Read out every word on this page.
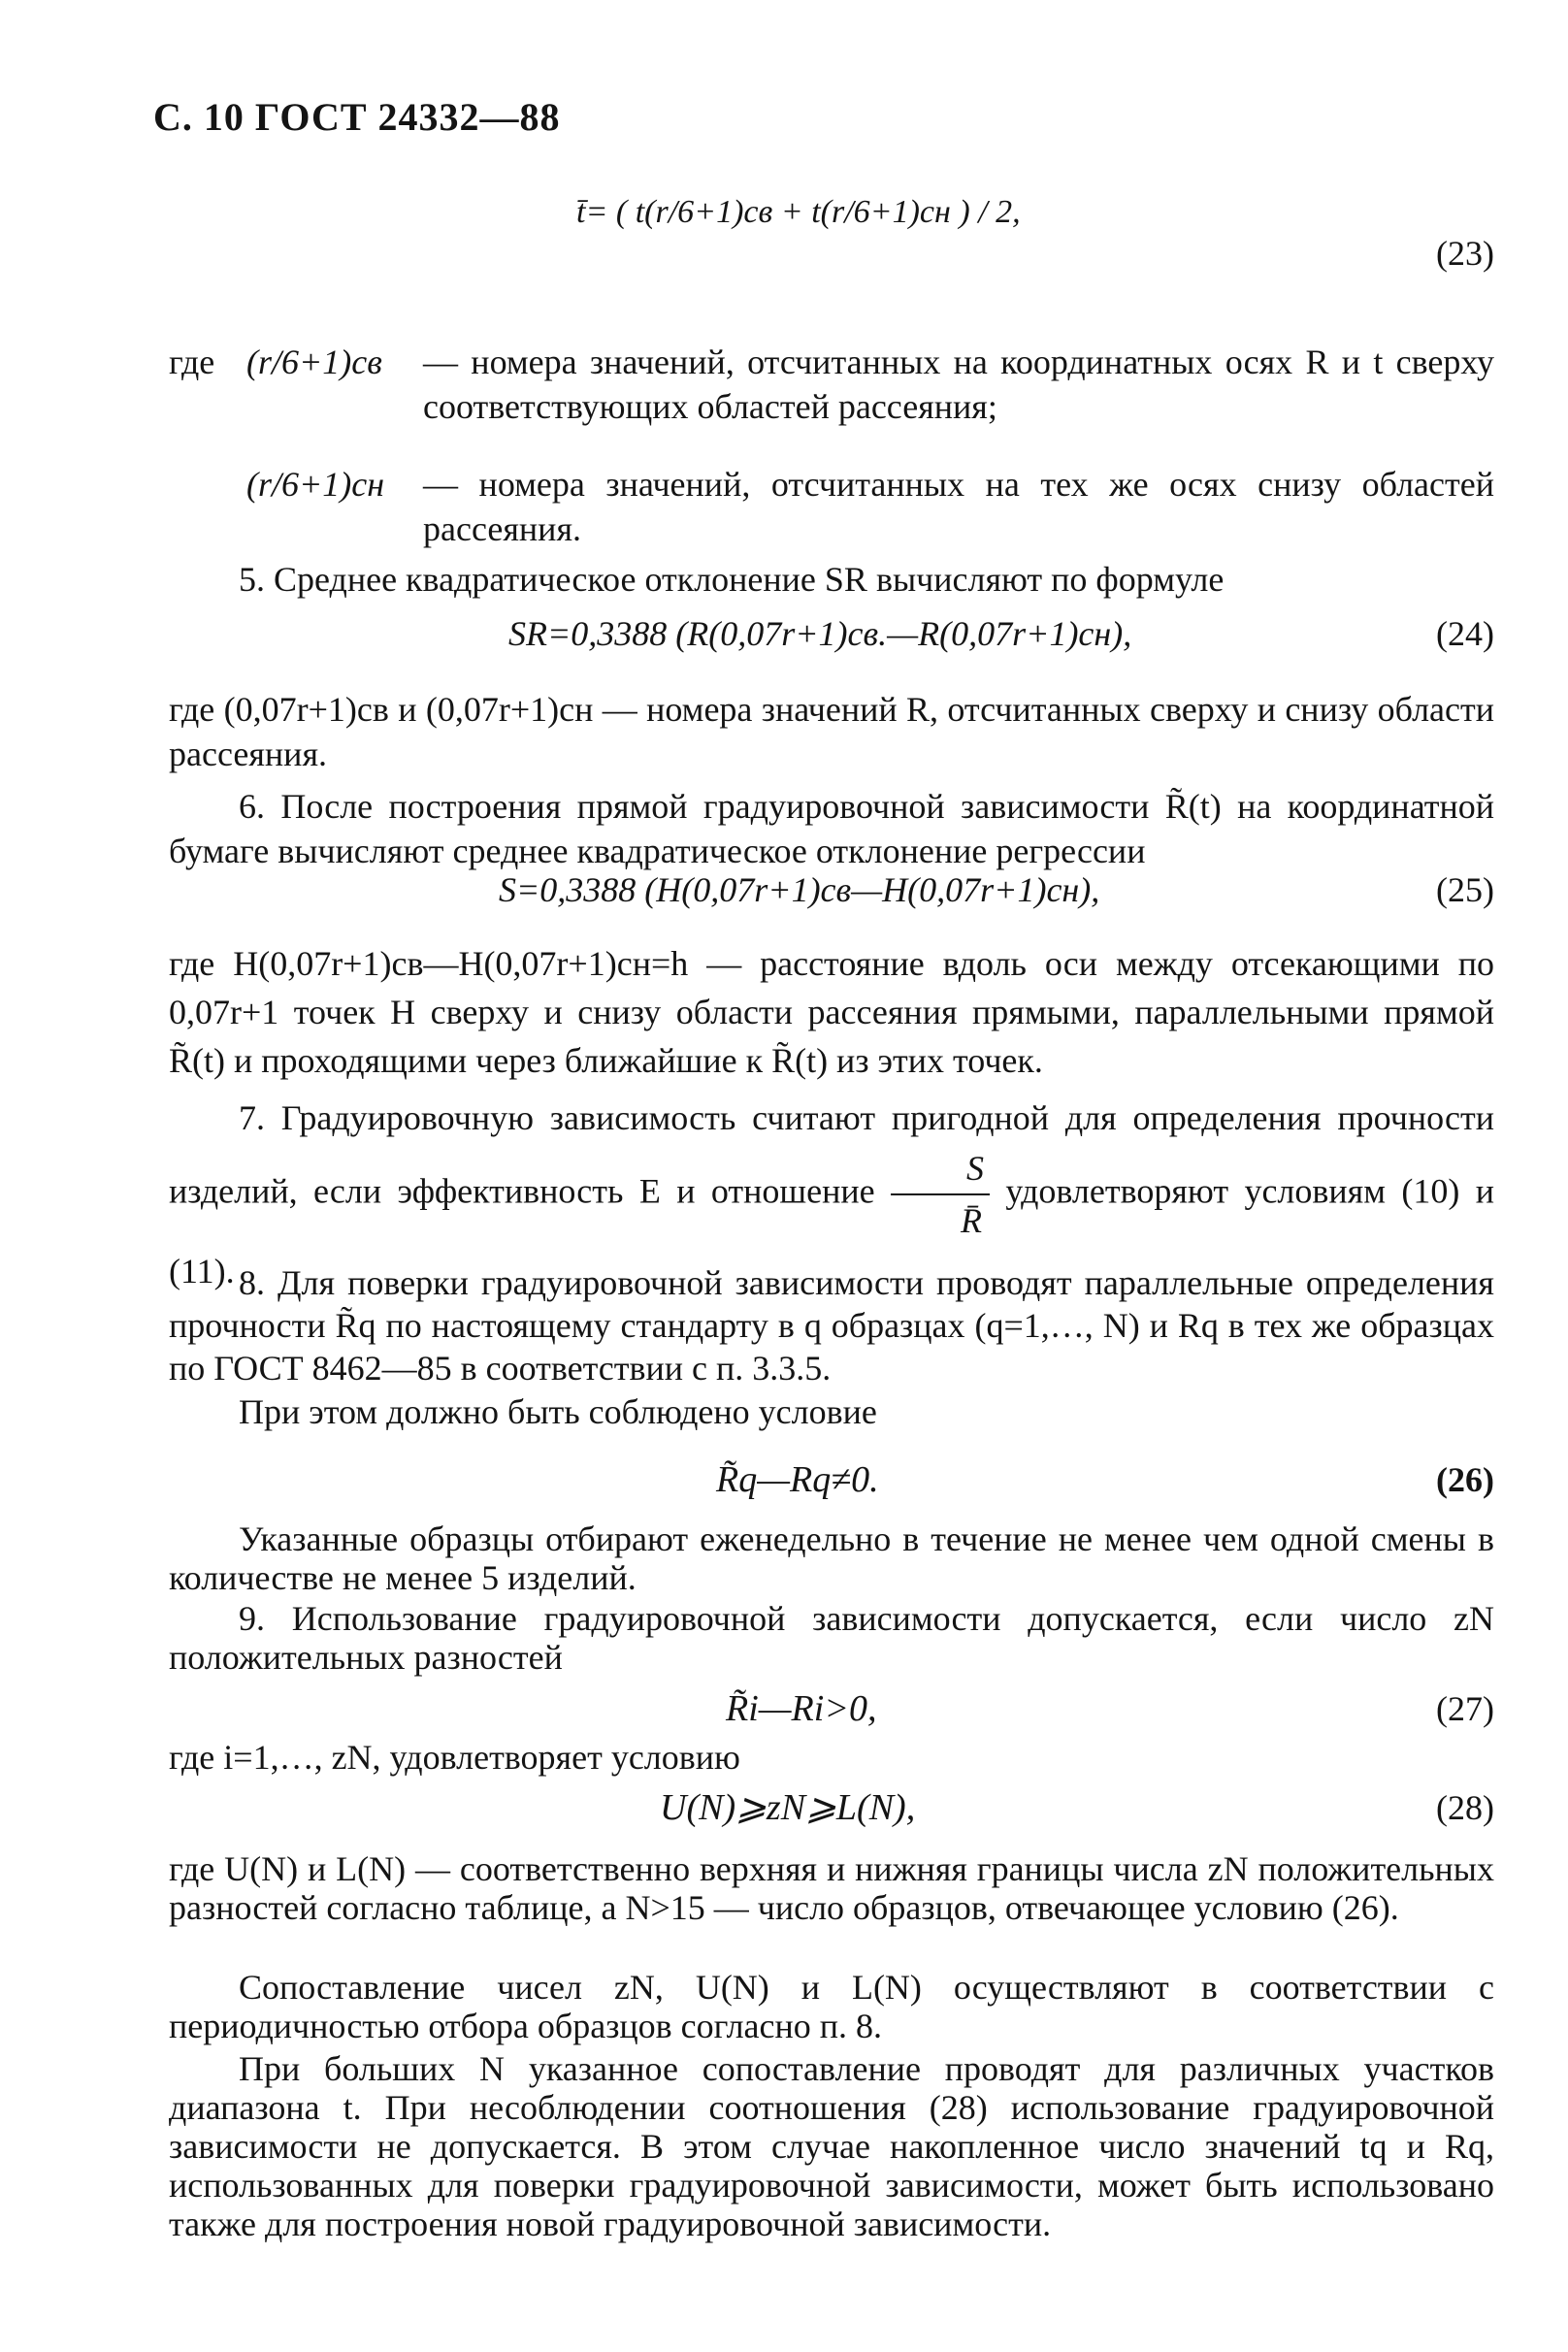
С. 10 ГОСТ 24332—88
t̄= ( t(r/6+1)св + t(r/6+1)сн ) / 2,
(23)
где (r/6+1)св — номера значений, отсчитанных на координатных осях R и t сверху соответствующих областей рассеяния;
(r/6+1)сн — номера значений, отсчитанных на тех же осях снизу областей рассеяния.
5. Среднее квадратическое отклонение SR вычисляют по формуле
SR=0,3388 (R(0,07r+1)св.—R(0,07r+1)сн),	(24)
где (0,07r+1)св и (0,07r+1)сн — номера значений R, отсчитанных сверху и снизу области рассеяния.
6. После построения прямой градуировочной зависимости R̃(t) на координатной бумаге вычисляют среднее квадратическое отклонение регрессии
S=0,3388 (H(0,07r+1)св—H(0,07r+1)сн),	(25)
где H(0,07r+1)св—H(0,07r+1)сн=h — расстояние вдоль оси между отсекающими по 0,07r+1 точек H сверху и снизу области рассеяния прямыми, параллельными прямой R̃(t) и проходящими через ближайшие к R̃(t) из этих точек.
7. Градуировочную зависимость считают пригодной для определения прочности изделий, если эффективность E и отношение $\frac{S}{R̄}$ удовлетворяют условиям (10) и (11). 8. Для поверки градуировочной зависимости проводят параллельные определения прочности R̃q по настоящему стандарту в q образцах (q=1,…, N) и Rq в тех же образцах по ГОСТ 8462—85 в соответствии с п. 3.3.5.
При этом должно быть соблюдено условие
R̃q—Rq≠0.	(26)
Указанные образцы отбирают еженедельно в течение не менее чем одной смены в количестве не менее 5 изделий.
9. Использование градуировочной зависимости допускается, если число zN положительных разностей
R̃i—Ri>0,	(27)
где i=1,…, zN, удовлетворяет условию
U(N)⩾zN⩾L(N),	(28)
где U(N) и L(N) — соответственно верхняя и нижняя границы числа zN положительных разностей согласно таблице, а N>15 — число образцов, отвечающее условию (26).
Сопоставление чисел zN, U(N) и L(N) осуществляют в соответствии с периодичностью отбора образцов согласно п. 8.
При больших N указанное сопоставление проводят для различных участков диапазона t. При несоблюдении соотношения (28) использование градуировочной зависимости не допускается. В этом случае накопленное число значений tq и Rq, использованных для поверки градуировочной зависимости, может быть использовано также для построения новой градуировочной зависимости.
